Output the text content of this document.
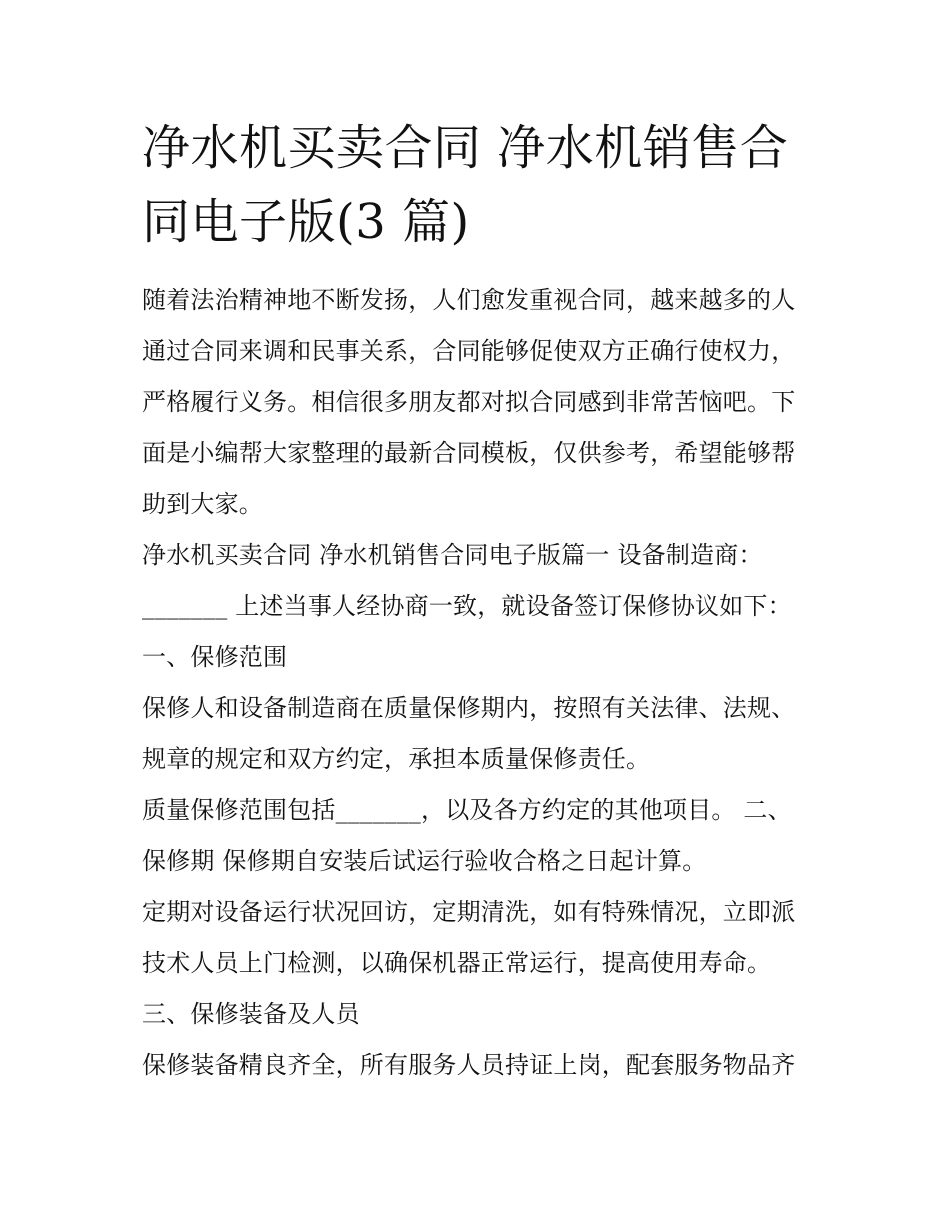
净水机买卖合同 净水机销售合
同电子版(3 篇)

随着法治精神地不断发扬，人们愈发重视合同，越来越多的人
通过合同来调和民事关系，合同能够促使双方正确行使权力，
严格履行义务。相信很多朋友都对拟合同感到非常苦恼吧。下
面是小编帮大家整理的最新合同模板，仅供参考，希望能够帮
助到大家。
净水机买卖合同 净水机销售合同电子版篇一 设备制造商：
_______ 上述当事人经协商一致，就设备签订保修协议如下：
一、保修范围
保修人和设备制造商在质量保修期内，按照有关法律、法规、
规章的规定和双方约定，承担本质量保修责任。
质量保修范围包括_______，以及各方约定的其他项目。 二、
保修期 保修期自安装后试运行验收合格之日起计算。
定期对设备运行状况回访，定期清洗，如有特殊情况，立即派
技术人员上门检测，以确保机器正常运行，提高使用寿命。
三、保修装备及人员
保修装备精良齐全，所有服务人员持证上岗，配套服务物品齐
